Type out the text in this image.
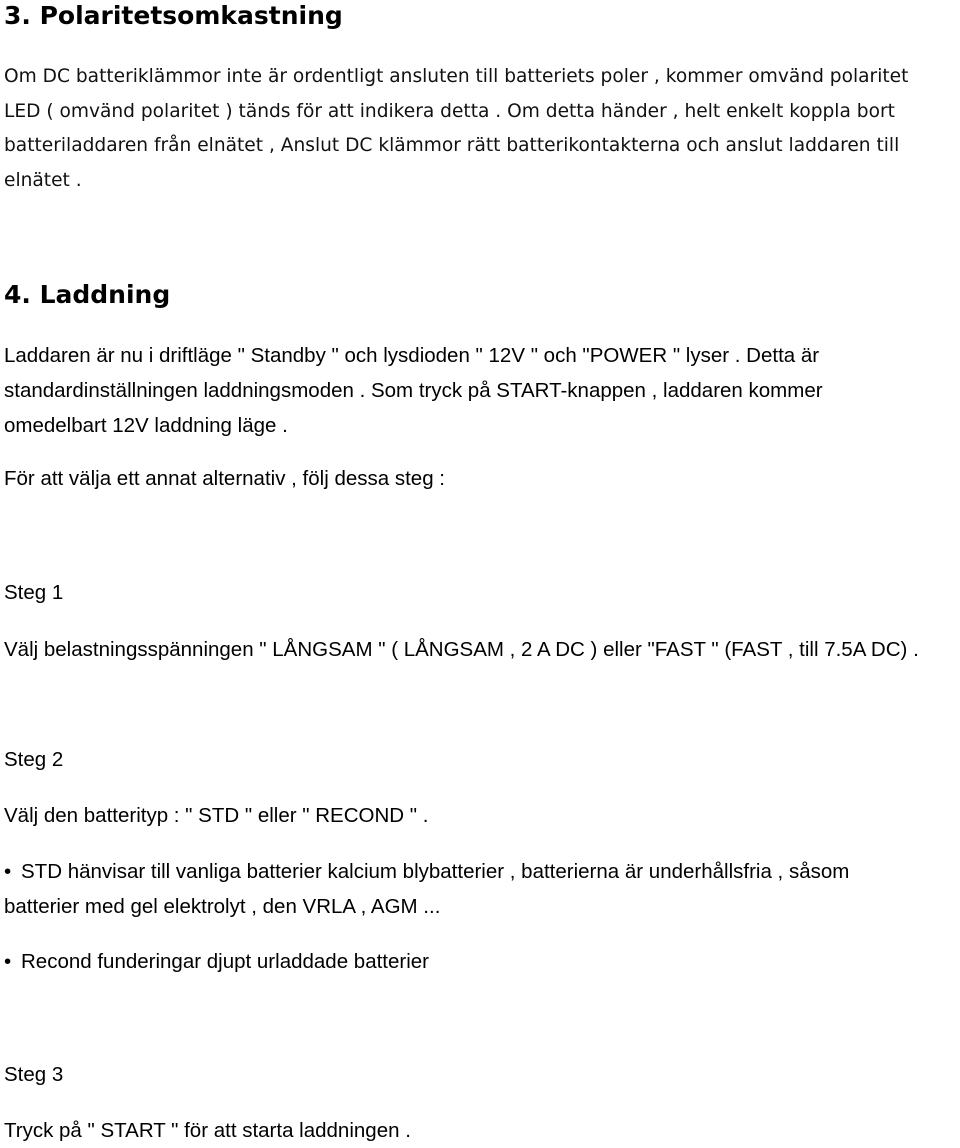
3. Polaritetsomkastning
Om DC batteriklämmor inte är ordentligt ansluten till batteriets poler , kommer omvänd polaritet
LED ( omvänd polaritet ) tänds för att indikera detta . Om detta händer , helt enkelt koppla bort
batteriladdaren från elnätet , Anslut DC klämmor rätt batterikontakterna och anslut laddaren till
elnätet .
4. Laddning
Laddaren är nu i driftläge " Standby " och lysdioden " 12V " och "POWER " lyser . Detta är
standardinställningen laddningsmoden . Som tryck på START-knappen , laddaren kommer
omedelbart 12V laddning läge .
För att välja ett annat alternativ , följ dessa steg :
Steg 1
Välj belastningsspänningen " LÅNGSAM " ( LÅNGSAM , 2 A DC ) eller "FAST " (FAST , till 7.5A DC) .
Steg 2
Välj den batterityp : " STD " eller " RECOND " .
• STD hänvisar till vanliga batterier kalcium blybatterier , batterierna är underhållsfria , såsom
batterier med gel elektrolyt , den VRLA , AGM ...
• Recond funderingar djupt urladdade batterier
Steg 3
Tryck på " START " för att starta laddningen .
